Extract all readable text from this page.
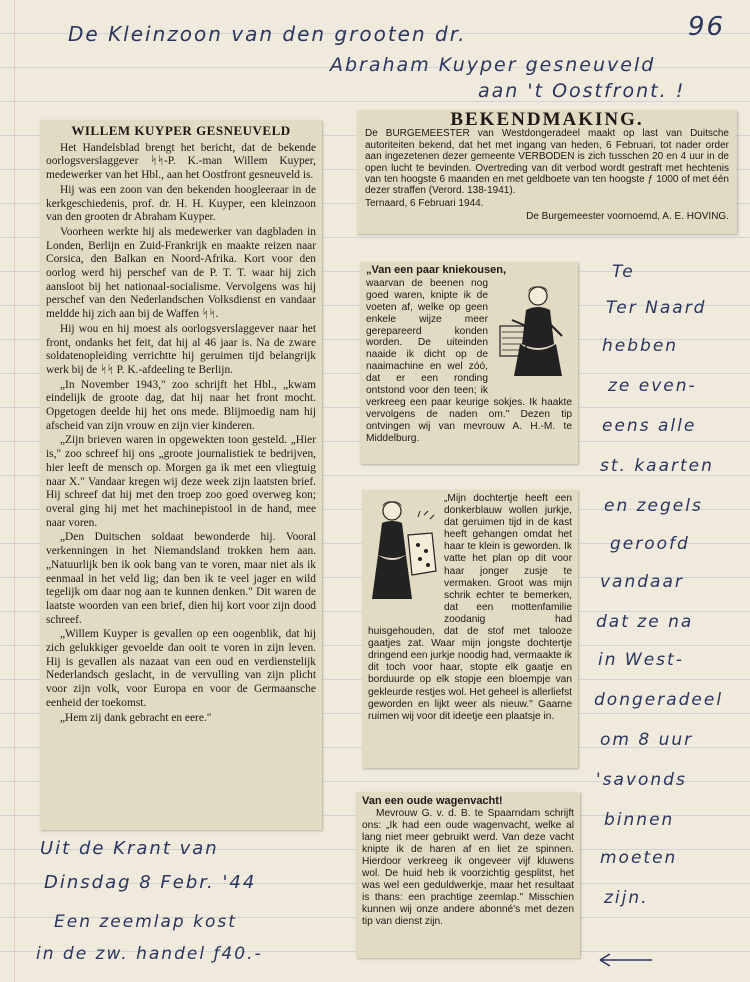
96
De Kleinzoon van den grooten dr.
Abraham Kuyper gesneuveld
aan 't Oostfront. !
WILLEM KUYPER GESNEUVELD

Het Handelsblad brengt het bericht, dat de bekende oorlogsverslaggever ᛋᛋ-P. K.-man Willem Kuyper, medewerker van het Hbl., aan het Oostfront gesneuveld is.

Hij was een zoon van den bekenden hoogleeraar in de kerkgeschiedenis, prof. dr. H. H. Kuyper, een kleinzoon van den grooten dr Abraham Kuyper.

Voorheen werkte hij als medewerker van dagbladen in Londen, Berlijn en Zuid-Frankrijk en maakte reizen naar Corsica, den Balkan en Noord-Afrika. Kort voor den oorlog werd hij perschef van de P. T. T. waar hij zich aansloot bij het nationaal-socialisme. Vervolgens was hij perschef van den Nederlandschen Volksdienst en vandaar meldde hij zich aan bij de Waffen ᛋᛋ.

Hij wou en hij moest als oorlogsverslaggever naar het front, ondanks het feit, dat hij al 46 jaar is. Na de zware soldatenopleiding verrichtte hij geruimen tijd belangrijk werk bij de ᛋᛋ P. K.-afdeeling te Berlijn.

„In November 1943," zoo schrijft het Hbl., „kwam eindelijk de groote dag, dat hij naar het front mocht. Opgetogen deelde hij het ons mede. Blijmoedig nam hij afscheid van zijn vrouw en zijn vier kinderen.

„Zijn brieven waren in opgewekten toon gesteld. „Hier is," zoo schreef hij ons „groote journalistiek te bedrijven, hier leeft de mensch op. Morgen ga ik met een vliegtuig naar X." Vandaar kregen wij deze week zijn laatsten brief. Hij schreef dat hij met den troep zoo goed overweg kon; overal ging hij met het machinepistool in de hand, mee naar voren.

„Den Duitschen soldaat bewonderde hij. Vooral verkenningen in het Niemandsland trokken hem aan. „Natuurlijk ben ik ook bang van te voren, maar niet als ik eenmaal in het veld lig; dan ben ik te veel jager en wild tegelijk om daar nog aan te kunnen denken." Dit waren de laatste woorden van een brief, dien hij kort voor zijn dood schreef.

„Willem Kuyper is gevallen op een oogenblik, dat hij zich gelukkiger gevoelde dan ooit te voren in zijn leven. Hij is gevallen als nazaat van een oud en verdienstelijk Nederlandsch geslacht, in de vervulling van zijn plicht voor zijn volk, voor Europa en voor de Germaansche eenheid der toekomst.

„Hem zij dank gebracht en eere."

BEKENDMAKING.

De BURGEMEESTER van Westdongeradeel maakt op last van Duitsche autoriteiten bekend, dat het met ingang van heden, 6 Februari, tot nader order aan ingezetenen dezer gemeente VERBODEN is zich tusschen 20 en 4 uur in de open lucht te bevinden. Overtreding van dit verbod wordt gestraft met hechtenis van ten hoogste 6 maanden en met geldboete van ten hoogste ƒ 1000 of met één dezer straffen (Verord. 138-1941).

Ternaard, 6 Februari 1944.

De Burgemeester voornoemd, A. E. HOVING.

„Van een paar kniekousen,

waarvan de beenen nog goed waren, knipte ik de voeten af, welke op geen enkele wijze meer gerepareerd konden worden. De uiteinden naaide ik dicht op de naaimachine en wel zóó, dat er een ronding ontstond voor den teen; ik verkreeg een paar keurige sokjes. Ik haakte vervolgens de naden om." Dezen tip ontvingen wij van mevrouw A. H.-M. te Middelburg.

„Mijn dochtertje heeft een donkerblauw wollen jurkje, dat geruimen tijd in de kast heeft gehangen omdat het haar te klein is geworden. Ik vatte het plan op dit voor haar jonger zusje te vermaken. Groot was mijn schrik echter te bemerken, dat een mottenfamilie zoodanig had huisgehouden, dat de stof met talooze gaatjes zat. Waar mijn jongste dochtertje dringend een jurkje noodig had, vermaakte ik dit toch voor haar, stopte elk gaatje en borduurde op elk stopje een bloempje van gekleurde restjes wol. Het geheel is allerliefst geworden en lijkt weer als nieuw." Gaarne ruimen wij voor dit ideetje een plaatsje in.

Van een oude wagenvacht!

Mevrouw G. v. d. B. te Spaarndam schrijft ons: „Ik had een oude wagenvacht, welke al lang niet meer gebruikt werd. Van deze vacht knipte ik de haren af en liet ze spinnen. Hierdoor verkreeg ik ongeveer vijf kluwens wol. De huid heb ik voorzichtig gesplitst, het was wel een geduldwerkje, maar het resultaat is thans: een prachtige zeemlap." Misschien kunnen wij onze andere abonné's met dezen tip van dienst zijn.

Te
Ter Naard
hebben
ze even-
eens alle
st. kaarten
en zegels
geroofd
vandaar
dat ze na
in West-
dongeradeel
om 8 uur
'savonds
binnen
moeten
zijn.
Uit de Krant van
Dinsdag 8 Febr. '44
Een zeemlap kost
in de zw. handel ƒ40.-
